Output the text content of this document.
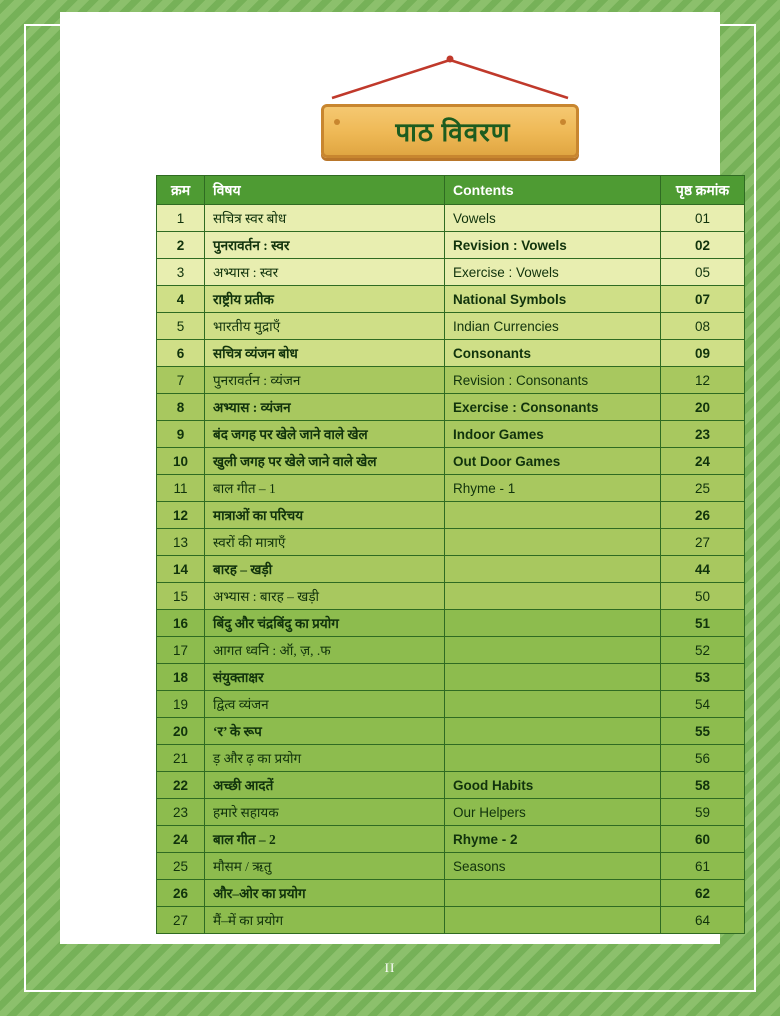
पाठ विवरण
क्रम	विषय	Contents	पृष्ठ क्रमांक
1	सचित्र स्वर बोध	Vowels	01
2	पुनरावर्तन : स्वर	Revision : Vowels	02
3	अभ्यास : स्वर	Exercise : Vowels	05
4	राष्ट्रीय प्रतीक	National Symbols	07
5	भारतीय मुद्राएँ	Indian Currencies	08
6	सचित्र व्यंजन बोध	Consonants	09
7	पुनरावर्तन : व्यंजन	Revision : Consonants	12
8	अभ्यास : व्यंजन	Exercise : Consonants	20
9	बंद जगह पर खेले जाने वाले खेल	Indoor Games	23
10	खुली जगह पर खेले जाने वाले खेल	Out Door Games	24
11	बाल गीत – 1	Rhyme - 1	25
12	मात्राओं का परिचय		26
13	स्वरों की मात्राएँ		27
14	बारह – खड़ी		44
15	अभ्यास : बारह – खड़ी		50
16	बिंदु और चंद्रबिंदु का प्रयोग		51
17	आगत ध्वनि : ऑ, ज़, .फ		52
18	संयुक्ताक्षर		53
19	द्वित्व व्यंजन		54
20	‘र’ के रूप		55
21	ड़ और ढ़ का प्रयोग		56
22	अच्छी आदतें	Good Habits	58
23	हमारे सहायक	Our Helpers	59
24	बाल गीत – 2	Rhyme - 2	60
25	मौसम / ऋतु	Seasons	61
26	और–ओर का प्रयोग		62
27	मैं–में का प्रयोग		64
II
